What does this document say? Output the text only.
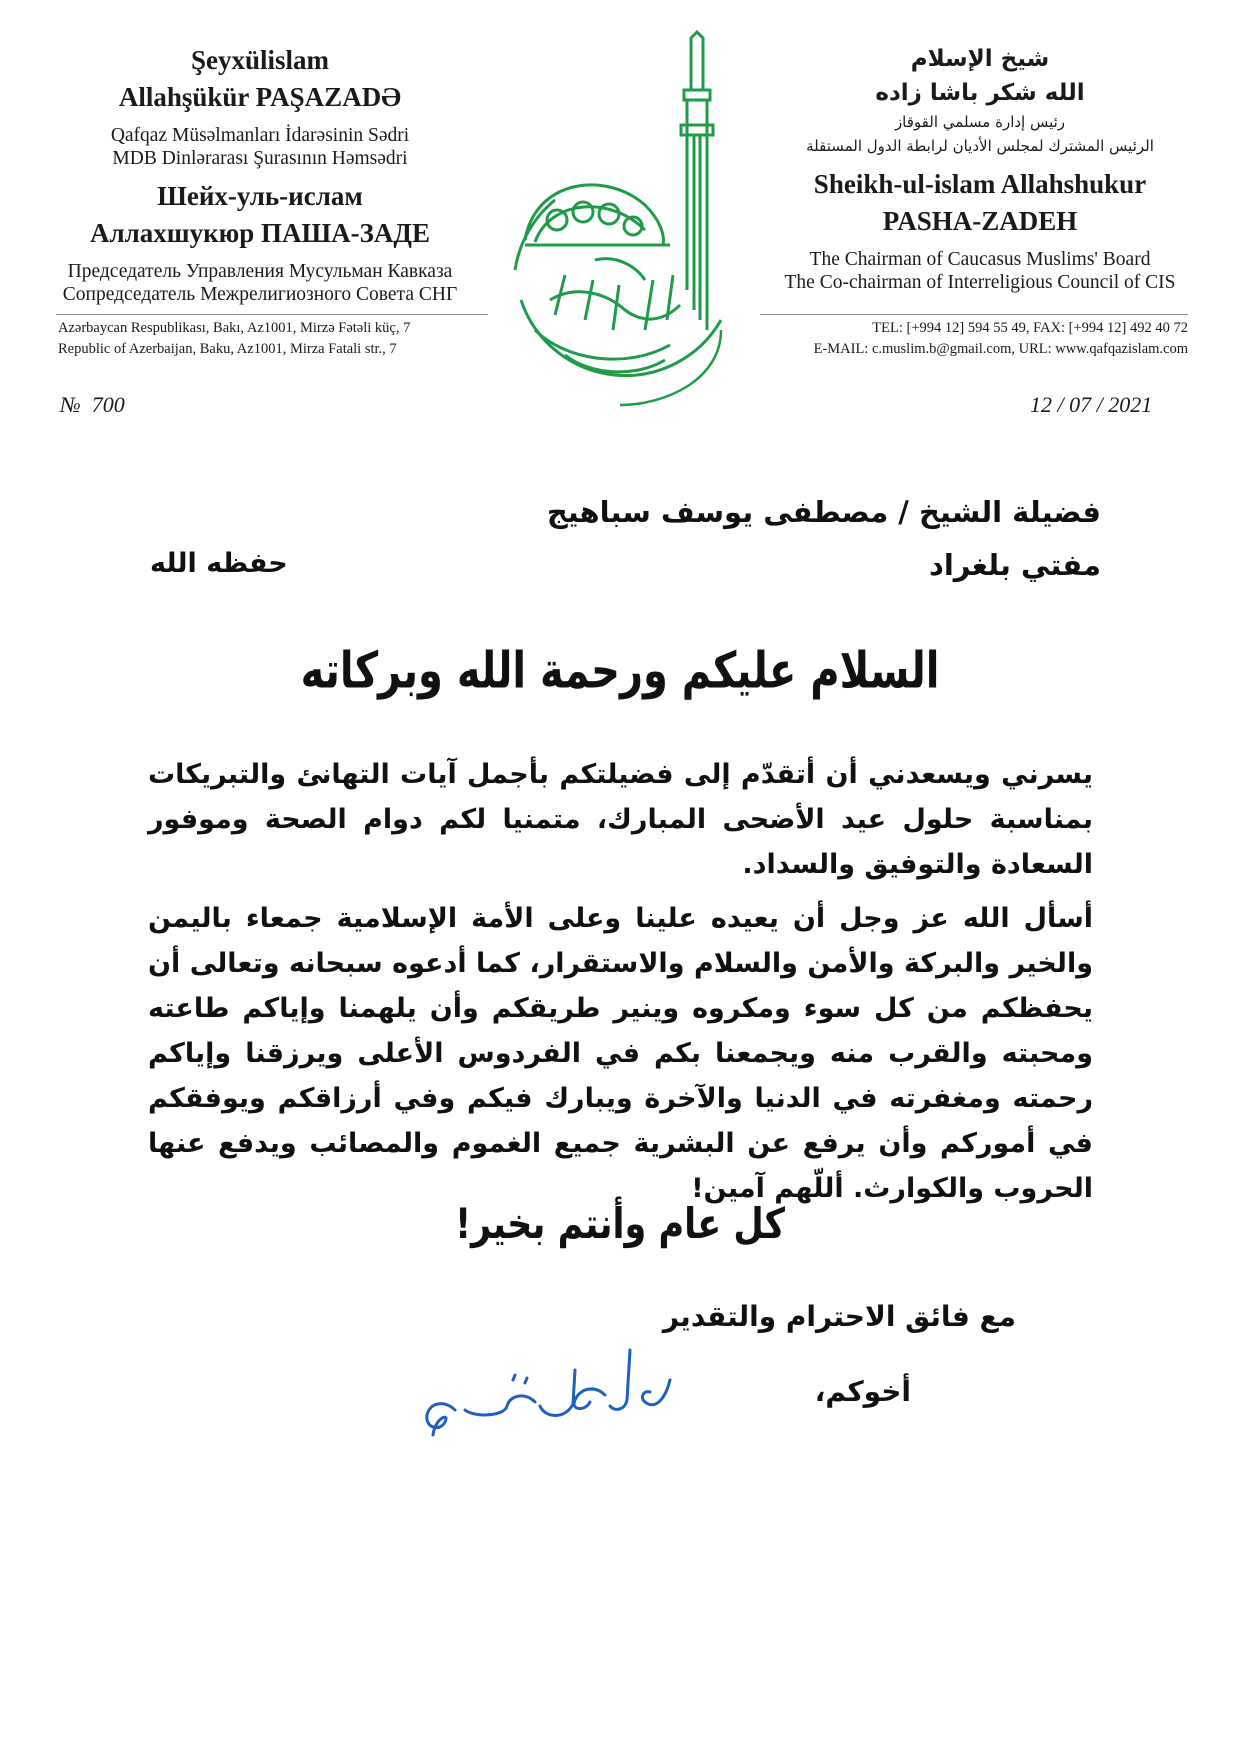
Şeyxülislam
Allahşükür PAŞAZADƏ
Qafqaz Müsəlmanları İdarəsinin Sədri
MDB Dinlərarası Şurasının Həmsədri
Шейх-уль-ислам
Аллахшукюр ПАША-ЗАДЕ
Председатель Управления Мусульман Кавказа
Сопредседатель Межрелигиозного Совета СНГ
شيخ الإسلام
الله شكر باشا زاده
رئيس إدارة مسلمي القوقاز
الرئيس المشترك لمجلس الأديان لرابطة الدول المستقلة
Sheikh-ul-islam Allahshukur
PASHA-ZADEH
The Chairman of Caucasus Muslims' Board
The Co-chairman of Interreligious Council of CIS
Azərbaycan Respublikası, Bakı, Az1001, Mirzə Fətəli küç, 7
Republic of Azerbaijan, Baku, Az1001, Mirza Fatali str., 7
TEL: [+994 12] 594 55 49, FAX: [+994 12] 492 40 72
E-MAIL: c.muslim.b@gmail.com, URL: www.qafqazislam.com
№ 700	12 / 07 / 2021
فضيلة الشيخ / مصطفى يوسف سباهيج
مفتي بلغراد
حفظه الله
السلام عليكم ورحمة الله وبركاته
يسرني ويسعدني أن أتقدّم إلى فضيلتكم بأجمل آيات التهانئ والتبريكات بمناسبة حلول عيد الأضحى المبارك، متمنيا لكم دوام الصحة وموفور السعادة والتوفيق والسداد.
أسأل الله عز وجل أن يعيده علينا وعلى الأمة الإسلامية جمعاء باليمن والخير والبركة والأمن والسلام والاستقرار، كما أدعوه سبحانه وتعالى أن يحفظكم من كل سوء ومكروه وينير طريقكم وأن يلهمنا وإياكم طاعته ومحبته والقرب منه ويجمعنا بكم في الفردوس الأعلى ويرزقنا وإياكم رحمته ومغفرته في الدنيا والآخرة ويبارك فيكم وفي أرزاقكم ويوفقكم في أموركم وأن يرفع عن البشرية جميع الغموم والمصائب ويدفع عنها الحروب والكوارث. أللّهم آمين!
كل عام وأنتم بخير!
مع فائق الاحترام والتقدير
أخوكم،
